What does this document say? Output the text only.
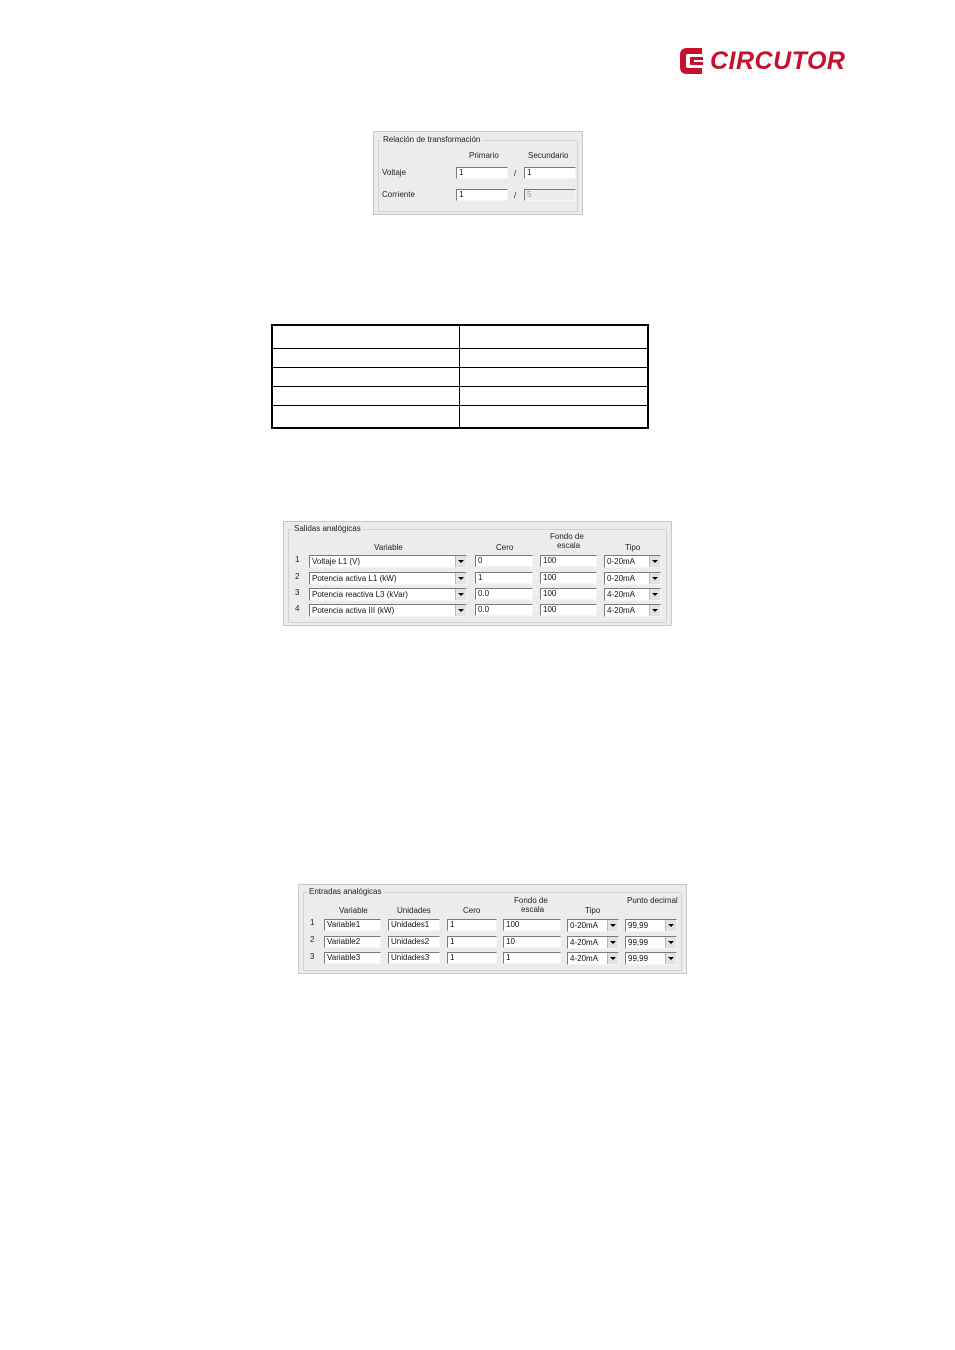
CIRCUTOR
Relación de transformación
Primario	Secundario
Voltaje	1	/	1
Corriente	1	/	5
Salidas analógicas
Variable	Cero
Fondo de
escala	Tipo
1 Voltaje L1 (V)	0	100	0-20mA
2 Potencia activa L1 (kW)	1	100	0-20mA
3 Potencia reactiva L3 (kVar)	0.0	100	4-20mA
4 Potencia activa III (kW)	0.0	100	4-20mA
Entradas analógicas
Variable	Unidades	Cero
Fondo de
escala	Tipo
Punto decimal
1	Variable1	Unidades1	1	100	0-20mA	99,99
2	Variable2	Unidades2	1	10	4-20mA	99,99
3	Variable3	Unidades3	1	1	4-20mA	99,99
